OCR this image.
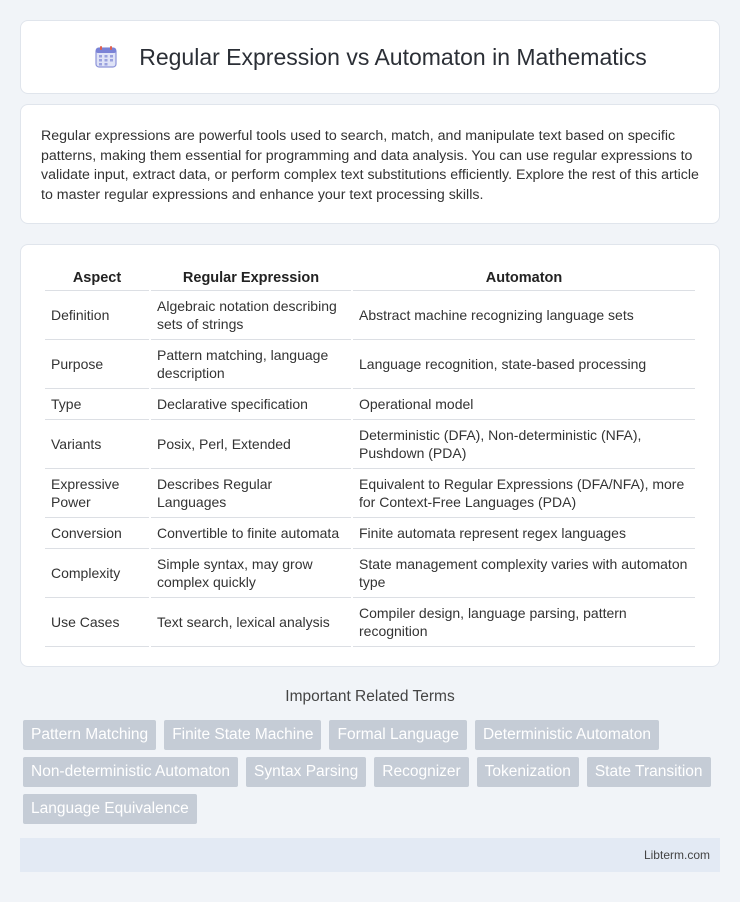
Regular Expression vs Automaton in Mathematics

Regular expressions are powerful tools used to search, match, and manipulate text based on specific patterns, making them essential for programming and data analysis. You can use regular expressions to validate input, extract data, or perform complex text substitutions efficiently. Explore the rest of this article to master regular expressions and enhance your text processing skills.

Aspect	Regular Expression	Automaton
Definition	Algebraic notation describing sets of strings	Abstract machine recognizing language sets
Purpose	Pattern matching, language description	Language recognition, state-based processing
Type	Declarative specification	Operational model
Variants	Posix, Perl, Extended	Deterministic (DFA), Non-deterministic (NFA), Pushdown (PDA)
Expressive Power	Describes Regular Languages	Equivalent to Regular Expressions (DFA/NFA), more for Context-Free Languages (PDA)
Conversion	Convertible to finite automata	Finite automata represent regex languages
Complexity	Simple syntax, may grow complex quickly	State management complexity varies with automaton type
Use Cases	Text search, lexical analysis	Compiler design, language parsing, pattern recognition
Important Related Terms
Pattern Matching	Finite State Machine	Formal Language	Deterministic Automaton
Non-deterministic Automaton	Syntax Parsing	Recognizer	Tokenization	State Transition
Language Equivalence
Libterm.com
